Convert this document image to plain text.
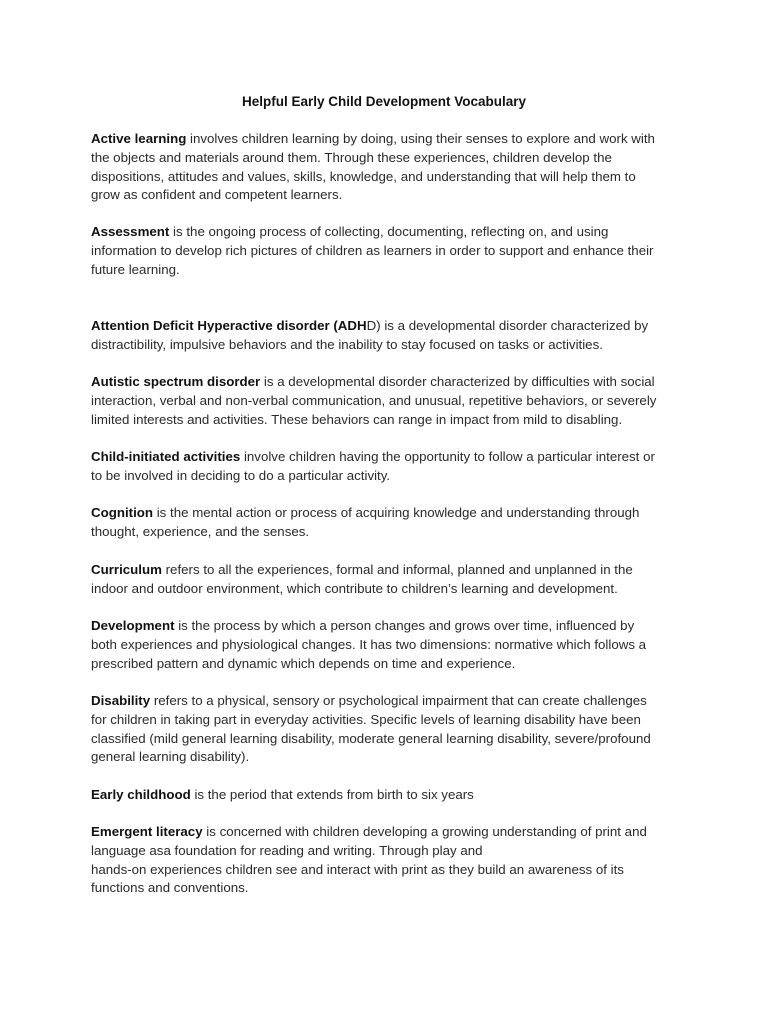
Helpful Early Child Development Vocabulary
Active learning involves children learning by doing, using their senses to explore and work with
the objects and materials around them. Through these experiences, children develop the
dispositions, attitudes and values, skills, knowledge, and understanding that will help them to
grow as confident and competent learners.
Assessment is the ongoing process of collecting, documenting, reflecting on, and using
information to develop rich pictures of children as learners in order to support and enhance their
future learning.
Attention Deficit Hyperactive disorder (ADHD) is a developmental disorder characterized by
distractibility, impulsive behaviors and the inability to stay focused on tasks or activities.
Autistic spectrum disorder is a developmental disorder characterized by difficulties with social
interaction, verbal and non-verbal communication, and unusual, repetitive behaviors, or severely
limited interests and activities. These behaviors can range in impact from mild to disabling.
Child-initiated activities involve children having the opportunity to follow a particular interest or
to be involved in deciding to do a particular activity.
Cognition is the mental action or process of acquiring knowledge and understanding through
thought, experience, and the senses.
Curriculum refers to all the experiences, formal and informal, planned and unplanned in the
indoor and outdoor environment, which contribute to children’s learning and development.
Development is the process by which a person changes and grows over time, influenced by
both experiences and physiological changes. It has two dimensions: normative which follows a
prescribed pattern and dynamic which depends on time and experience.
Disability refers to a physical, sensory or psychological impairment that can create challenges
for children in taking part in everyday activities. Specific levels of learning disability have been
classified (mild general learning disability, moderate general learning disability, severe/profound
general learning disability).
Early childhood is the period that extends from birth to six years
Emergent literacy is concerned with children developing a growing understanding of print and
language asa foundation for reading and writing. Through play and
hands-on experiences children see and interact with print as they build an awareness of its
functions and conventions.
